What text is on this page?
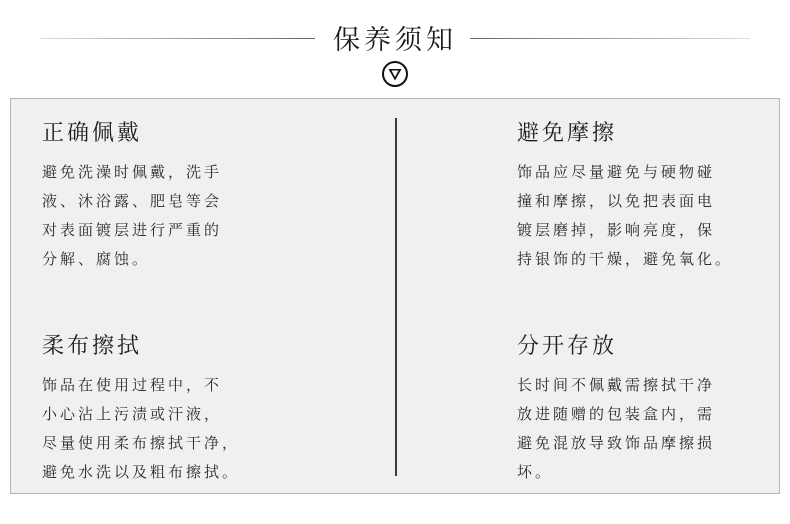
保养须知
正确佩戴

避免洗澡时佩戴，洗手
液、沐浴露、肥皂等会
对表面镀层进行严重的
分解、腐蚀。

避免摩擦

饰品应尽量避免与硬物碰
撞和摩擦，以免把表面电
镀层磨掉，影响亮度，保
持银饰的干燥，避免氧化。

柔布擦拭

饰品在使用过程中，不
小心沾上污渍或汗液，
尽量使用柔布擦拭干净，
避免水洗以及粗布擦拭。

分开存放

长时间不佩戴需擦拭干净
放进随赠的包装盒内，需
避免混放导致饰品摩擦损
坏。
